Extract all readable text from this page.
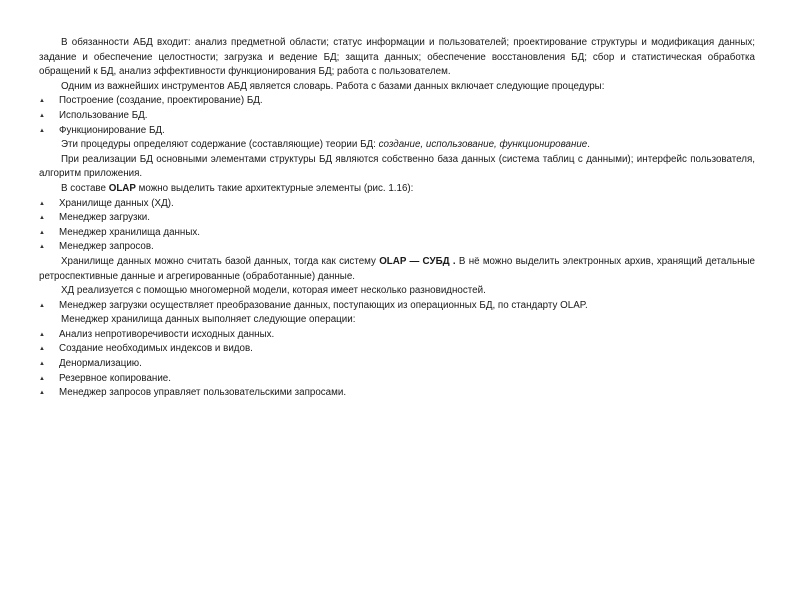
В обязанности АБД входит: анализ предметной области; статус информации и пользователей; проектирование структуры и модификация данных; задание и обеспечение целостности; загрузка и ведение БД; защита данных; обеспечение восстановления БД; сбор и статистическая обработка обращений к БД, анализ эффективности функционирования БД; работа с пользователем.

Одним из важнейших инструментов АБД является словарь. Работа с базами данных включает следующие процедуры:

▲ Построение (создание, проектирование) БД.

▲ Использование БД.

▲ Функционирование БД.

Эти процедуры определяют содержание (составляющие) теории БД: создание, использование, функционирование.

При реализации БД основными элементами структуры БД являются собственно база данных (система таблиц с данными); интерфейс пользователя, алгоритм приложения.

В составе OLAP можно выделить такие архитектурные элементы (рис. 1.16):

▲ Хранилище данных (ХД).

▲ Менеджер загрузки.

▲ Менеджер хранилища данных.

▲ Менеджер запросов.

Хранилище данных можно считать базой данных, тогда как систему OLAP — СУБД . В нё можно выделить электронных архив, хранящий детальные ретроспективные данные и агрегированные (обработанные) данные.

ХД реализуется с помощью многомерной модели, которая имеет несколько разновидностей.

▲ Менеджер загрузки осуществляет преобразование данных, поступающих из операционных БД, по стандарту OLAP.

Менеджер хранилища данных выполняет следующие операции:

▲ Анализ непротиворечивости исходных данных.

▲ Создание необходимых индексов и видов.

▲ Денормализацию.

▲ Резервное копирование.

▲ Менеджер запросов управляет пользовательскими запросами.
